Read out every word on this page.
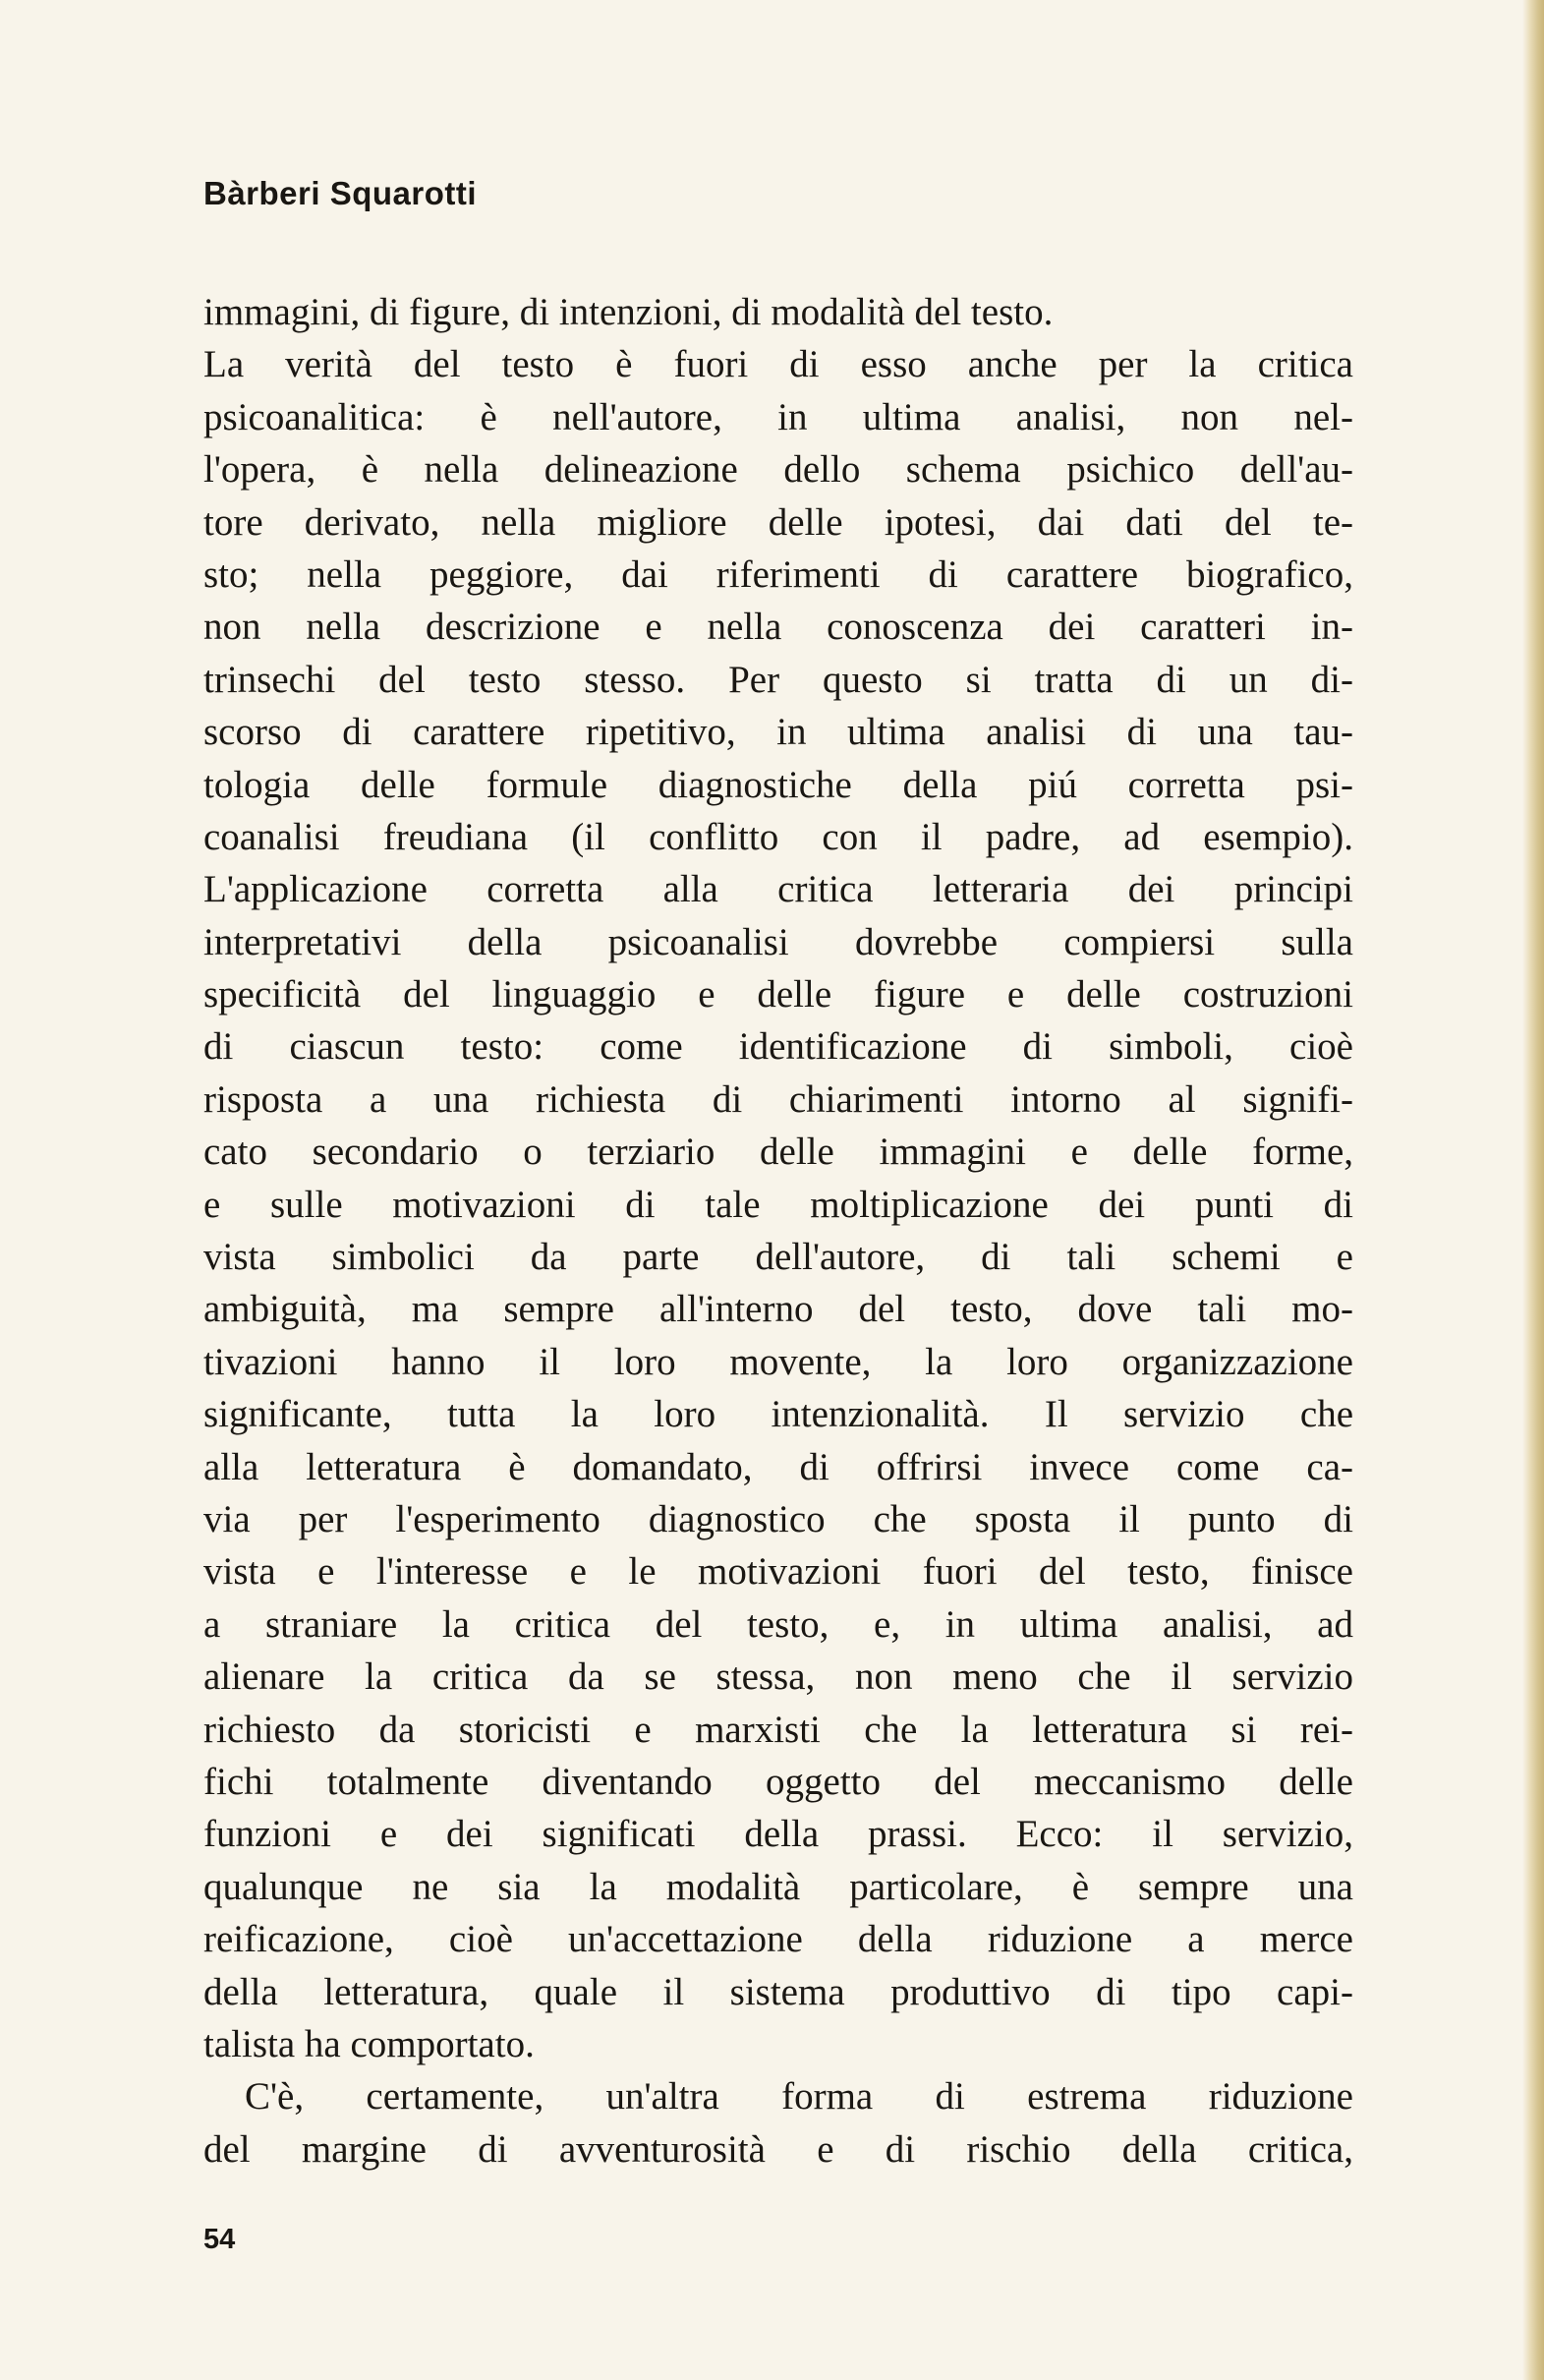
Bàrberi Squarotti
immagini, di figure, di intenzioni, di modalità del testo.
La verità del testo è fuori di esso anche per la critica
psicoanalitica: è nell'autore, in ultima analisi, non nel-
l'opera, è nella delineazione dello schema psichico dell'au-
tore derivato, nella migliore delle ipotesi, dai dati del te-
sto; nella peggiore, dai riferimenti di carattere biografico,
non nella descrizione e nella conoscenza dei caratteri in-
trinsechi del testo stesso. Per questo si tratta di un di-
scorso di carattere ripetitivo, in ultima analisi di una tau-
tologia delle formule diagnostiche della piú corretta psi-
coanalisi freudiana (il conflitto con il padre, ad esempio).
L'applicazione corretta alla critica letteraria dei principi
interpretativi della psicoanalisi dovrebbe compiersi sulla
specificità del linguaggio e delle figure e delle costruzioni
di ciascun testo: come identificazione di simboli, cioè
risposta a una richiesta di chiarimenti intorno al signifi-
cato secondario o terziario delle immagini e delle forme,
e sulle motivazioni di tale moltiplicazione dei punti di
vista simbolici da parte dell'autore, di tali schemi e
ambiguità, ma sempre all'interno del testo, dove tali mo-
tivazioni hanno il loro movente, la loro organizzazione
significante, tutta la loro intenzionalità. Il servizio che
alla letteratura è domandato, di offrirsi invece come ca-
via per l'esperimento diagnostico che sposta il punto di
vista e l'interesse e le motivazioni fuori del testo, finisce
a straniare la critica del testo, e, in ultima analisi, ad
alienare la critica da se stessa, non meno che il servizio
richiesto da storicisti e marxisti che la letteratura si rei-
fichi totalmente diventando oggetto del meccanismo delle
funzioni e dei significati della prassi. Ecco: il servizio,
qualunque ne sia la modalità particolare, è sempre una
reificazione, cioè un'accettazione della riduzione a merce
della letteratura, quale il sistema produttivo di tipo capi-
talista ha comportato.
C'è, certamente, un'altra forma di estrema riduzione
del margine di avventurosità e di rischio della critica,
54
